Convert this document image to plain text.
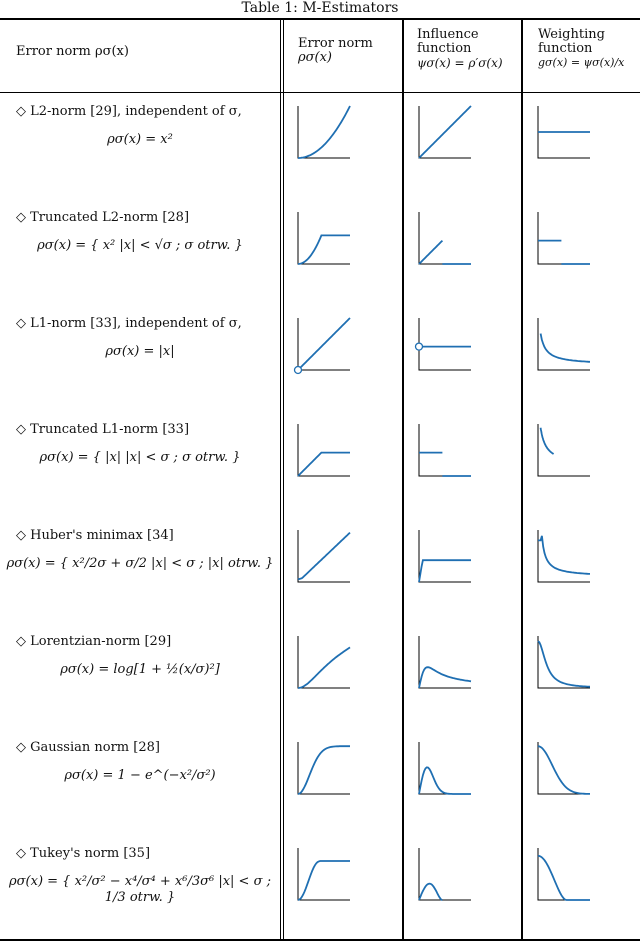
Table 1: M-Estimators
Error norm ρσ(x)
Error norm
ρσ(x)
Influence
function
ψσ(x) = ρ′σ(x)
Weighting
function
gσ(x) = ψσ(x)/x
◇ L2-norm [29], independent of σ,
ρσ(x) = x²
◇ Truncated L2-norm [28]
ρσ(x) = { x² |x| < √σ ; σ otrw. }
◇ L1-norm [33], independent of σ,
ρσ(x) = |x|
◇ Truncated L1-norm [33]
ρσ(x) = { |x| |x| < σ ; σ otrw. }
◇ Huber's minimax [34]
ρσ(x) = { x²/2σ + σ/2 |x| < σ ; |x| otrw. }
◇ Lorentzian-norm [29]
ρσ(x) = log[1 + ½(x/σ)²]
◇ Gaussian norm [28]
ρσ(x) = 1 − e^(−x²/σ²)
◇ Tukey's norm [35]
ρσ(x) = { x²/σ² − x⁴/σ⁴ + x⁶/3σ⁶ |x| < σ ; 1/3 otrw. }
